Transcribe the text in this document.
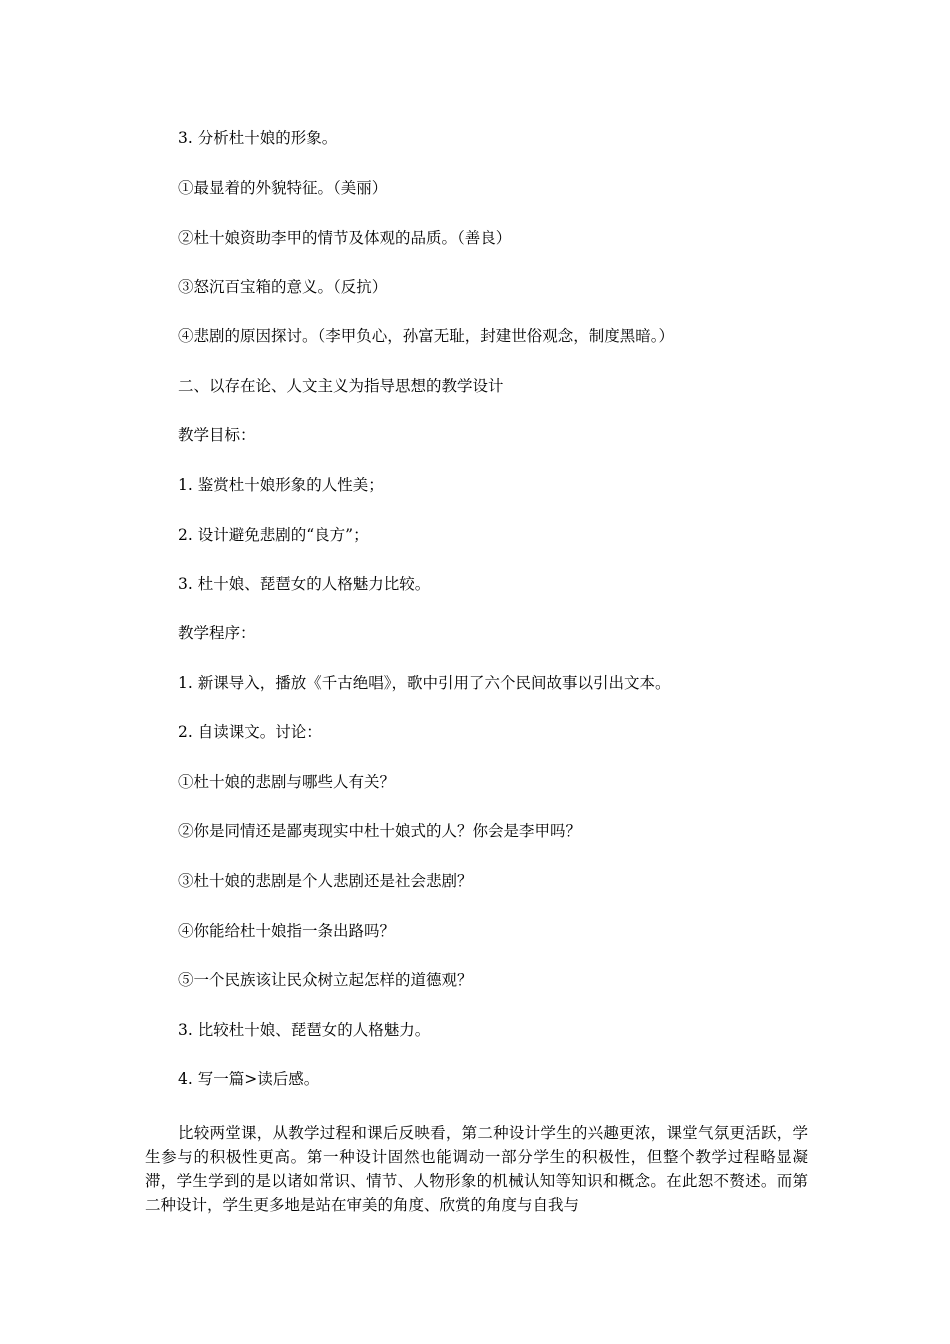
3. 分析杜十娘的形象。
①最显着的外貌特征。（美丽）
②杜十娘资助李甲的情节及体观的品质。（善良）
③怒沉百宝箱的意义。（反抗）
④悲剧的原因探讨。（李甲负心，孙富无耻，封建世俗观念，制度黑暗。）
二、以存在论、人文主义为指导思想的教学设计
教学目标：
1. 鉴赏杜十娘形象的人性美；
2. 设计避免悲剧的“良方”；
3. 杜十娘、琵琶女的人格魅力比较。
教学程序：
1. 新课导入，播放《千古绝唱》，歌中引用了六个民间故事以引出文本。
2. 自读课文。讨论：
①杜十娘的悲剧与哪些人有关？
②你是同情还是鄙夷现实中杜十娘式的人？你会是李甲吗？
③杜十娘的悲剧是个人悲剧还是社会悲剧？
④你能给杜十娘指一条出路吗？
⑤一个民族该让民众树立起怎样的道德观？
3. 比较杜十娘、琵琶女的人格魅力。
4. 写一篇>读后感。
比较两堂课，从教学过程和课后反映看，第二种设计学生的兴趣更浓，课堂气氛更活跃，学生参与的积极性更高。第一种设计固然也能调动一部分学生的积极性，但整个教学过程略显凝滞，学生学到的是以诸如常识、情节、人物形象的机械认知等知识和概念。在此恕不赘述。而第二种设计，学生更多地是站在审美的角度、欣赏的角度与自我与
